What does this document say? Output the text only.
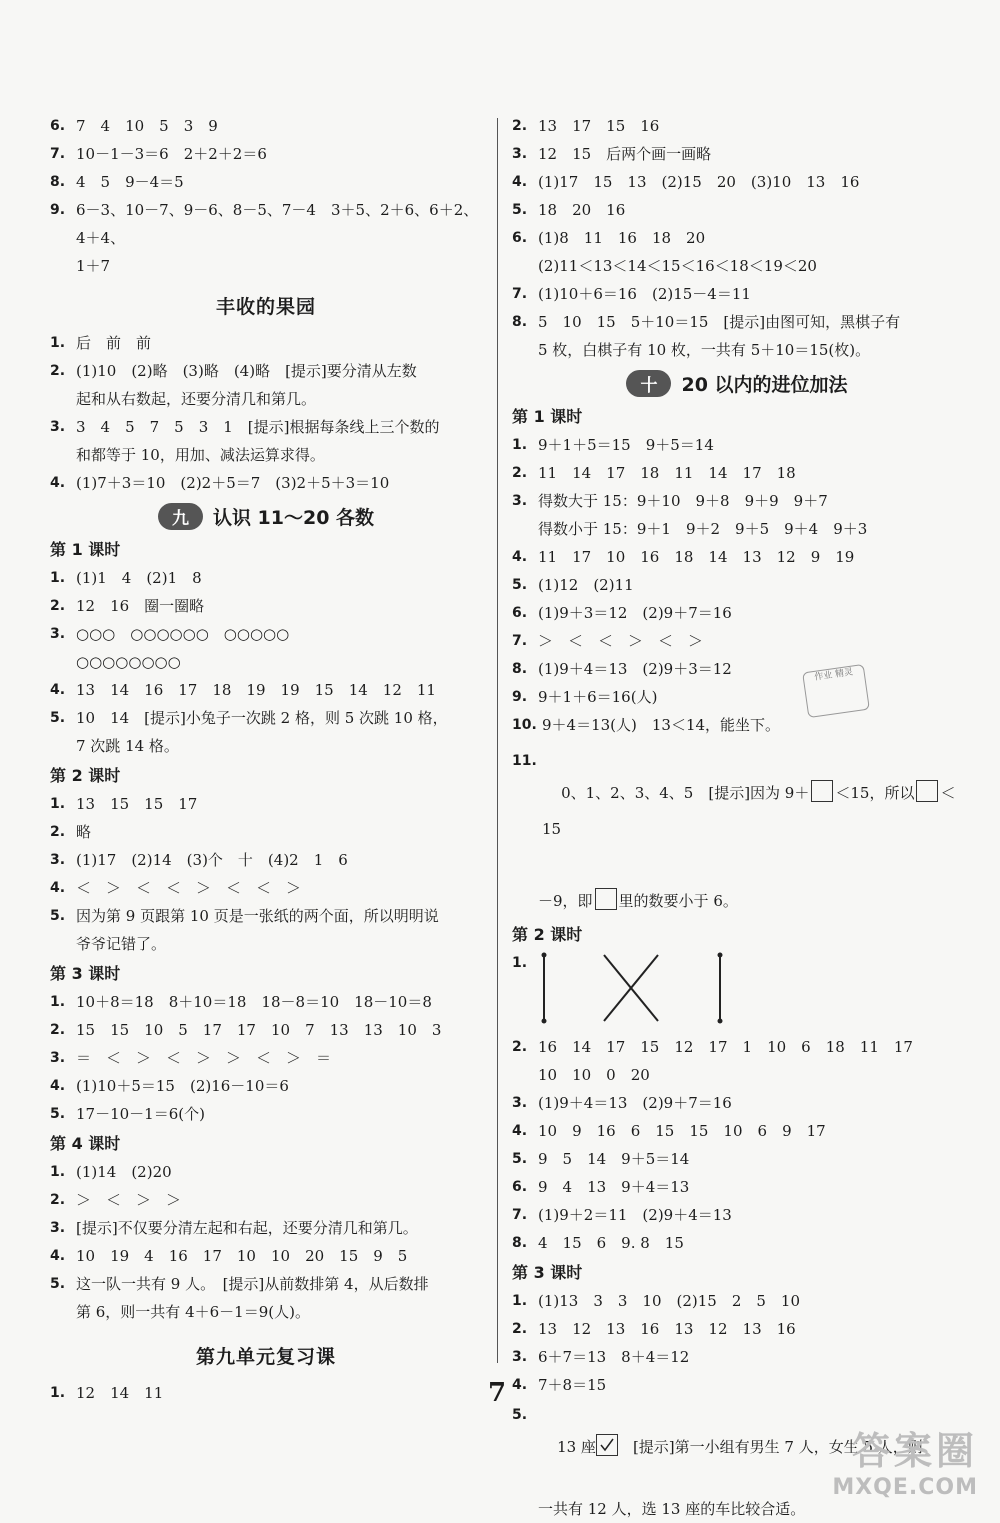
6. 7　4　10　5　3　9
7. 10－1－3＝6　2＋2＋2＝6
8. 4　5　9－4＝5
9. 6－3、10－7、9－6、8－5、7－4　3＋5、2＋6、6＋2、4＋4、
1＋7
丰收的果园
1. 后　前　前
2. (1)10　(2)略　(3)略　(4)略　[提示]要分清从左数
起和从右数起，还要分清几和第几。
3. 3　4　5　7　5　3　1　[提示]根据每条线上三个数的
和都等于 10，用加、减法运算求得。
4. (1)7＋3＝10　(2)2＋5＝7　(3)2＋5＋3＝10
九	认识 11～20 各数
第 1 课时
1. (1)1　4　(2)1　8
2. 12　16　圈一圈略
3. ○○○　○○○○○○　○○○○○
○○○○○○○○
4. 13　14　16　17　18　19　19　15　14　12　11
5. 10　14　[提示]小兔子一次跳 2 格，则 5 次跳 10 格，
7 次跳 14 格。
第 2 课时
1. 13　15　15　17
2. 略
3. (1)17　(2)14　(3)个　十　(4)2　1　6
4. ＜　＞　＜　＜　＞　＜　＜　＞
5. 因为第 9 页跟第 10 页是一张纸的两个面，所以明明说
爷爷记错了。
第 3 课时
1. 10＋8＝18　8＋10＝18　18－8＝10　18－10＝8
2. 15　15　10　5　17　17　10　7　13　13　10　3
3. ＝　＜　＞　＜　＞　＞　＜　＞　＝
4. (1)10＋5＝15　(2)16－10＝6
5. 17－10－1＝6(个)
第 4 课时
1. (1)14　(2)20
2. ＞　＜　＞　＞
3. [提示]不仅要分清左起和右起，还要分清几和第几。
4. 10　19　4　16　17　10　10　20　15　9　5
5. 这一队一共有 9 人。　[提示]从前数排第 4，从后数排
第 6，则一共有 4＋6－1＝9(人)。
第九单元复习课
1. 12　14　11
2. 13　17　15　16
3. 12　15　后两个画一画略
4. (1)17　15　13　(2)15　20　(3)10　13　16
5. 18　20　16
6. (1)8　11　16　18　20
(2)11＜13＜14＜15＜16＜18＜19＜20
7. (1)10＋6＝16　(2)15－4＝11
8. 5　10　15　5＋10＝15　[提示]由图可知，黑棋子有
5 枚，白棋子有 10 枚，一共有 5＋10＝15(枚)。
十	20 以内的进位加法
第 1 课时
1. 9＋1＋5＝15　9＋5＝14
2. 11　14　17　18　11　14　17　18
3. 得数大于 15：9＋10　9＋8　9＋9　9＋7
得数小于 15：9＋1　9＋2　9＋5　9＋4　9＋3
4. 11　17　10　16　18　14　13　12　9　19
5. (1)12　(2)11
6. (1)9＋3＝12　(2)9＋7＝16
7. ＞　＜　＜　＞　＜　＞
8. (1)9＋4＝13　(2)9＋3＝12
9. 9＋1＋6＝16(人)
10. 9＋4＝13(人)　13＜14，能坐下。

11.
0、1、2、3、4、5　[提示]因为 9＋ ＜15，所以 ＜15

－9，即 里的数要小于 6。
第 2 课时

1.

2. 16　14　17　15　12　17　1　10　6　18　11　17
10　10　0　20
3. (1)9＋4＝13　(2)9＋7＝16
4. 10　9　16　6　15　15　10　6　9　17
5. 9　5　14　9＋5＝14
6. 9　4　13　9＋4＝13
7. (1)9＋2＝11　(2)9＋4＝13
8. 4　15　6　9. 8　15
第 3 课时
1. (1)13　3　3　10　(2)15　2　5　10
2. 13　12　13　16　13　12　13　16
3. 6＋7＝13　8＋4＝12
4. 7＋8＝15

5.
13 座
　[提示]第一小组有男生 7 人，女生 5 人，则

一共有 12 人，选 13 座的车比较合适。
作业 精灵
7
答案圈
MXQE.COM
